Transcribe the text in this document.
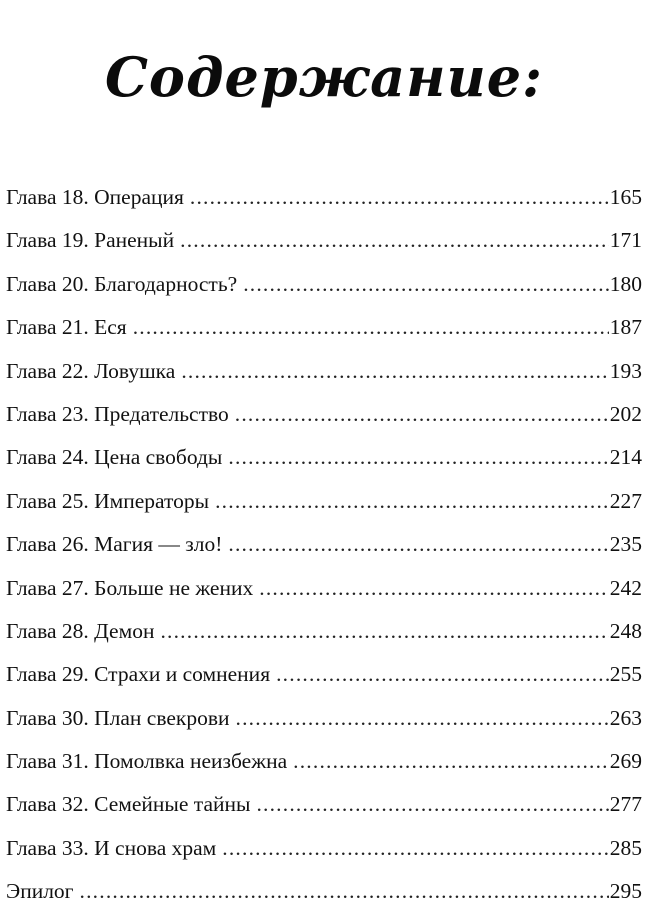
Содержание:
Глава 18. Операция .....	165
Глава 19. Раненый .....	171
Глава 20. Благодарность? .....	180
Глава 21. Еся .....	187
Глава 22. Ловушка .....	193
Глава 23. Предательство .....	202
Глава 24. Цена свободы .....	214
Глава 25. Императоры .....	227
Глава 26. Магия — зло! .....	235
Глава 27. Больше не жених .....	242
Глава 28. Демон .....	248
Глава 29. Страхи и сомнения .....	255
Глава 30. План свекрови .....	263
Глава 31. Помолвка неизбежна .....	269
Глава 32. Семейные тайны .....	277
Глава 33. И снова храм .....	285
Эпилог .....	295
